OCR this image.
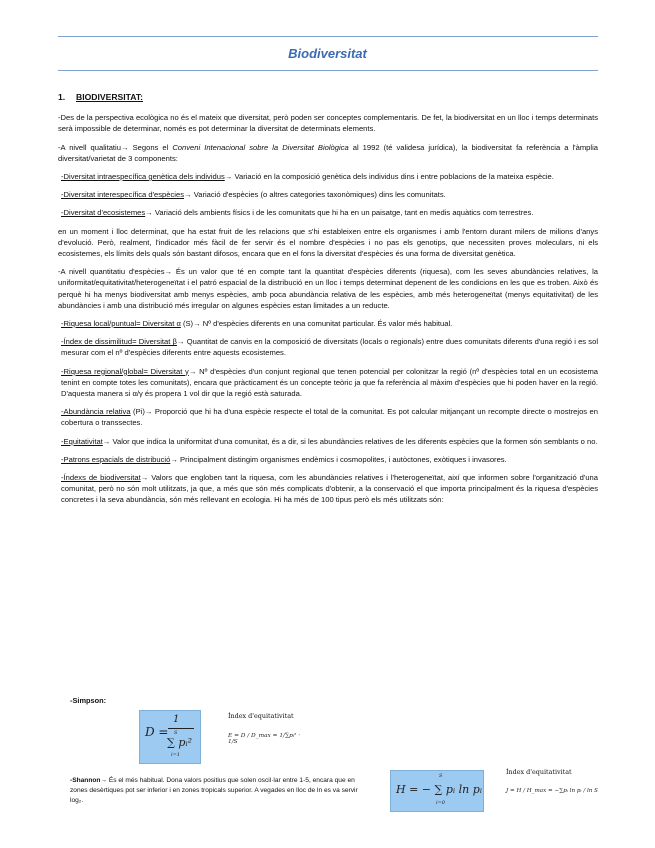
Biodiversitat
1. BIODIVERSITAT:

-Des de la perspectiva ecològica no és el mateix que diversitat, però poden ser conceptes complementaris. De fet, la biodiversitat en un lloc i temps determinats serà impossible de determinar, només es pot determinar la diversitat de determinats elements.

-A nivell qualitatiu→ Segons el Conveni Intenacional sobre la Diversitat Biològica al 1992 (té validesa jurídica), la biodiversitat fa referència a l'àmplia diversitat/varietat de 3 components:

-Diversitat intraespecífica genètica dels individus→ Variació en la composició genètica dels individus dins i entre poblacions de la mateixa espècie.

-Diversitat interespecífica d'espècies→ Variació d'espècies (o altres categories taxonòmiques) dins les comunitats.

-Diversitat d'ecosistemes→ Variació dels ambients físics i de les comunitats que hi ha en un paisatge, tant en medis aquàtics com terrestres.

en un moment i lloc determinat, que ha estat fruit de les relacions que s'hi estableixen entre els organismes i amb l'entorn durant milers de milions d'anys d'evolució. Però, realment, l'indicador més fàcil de fer servir és el nombre d'espècies i no pas els genotips, que necessiten proves moleculars, ni els ecosistemes, els límits dels quals són bastant difosos, encara que en el fons la diversitat d'espècies és una forma de diversitat genètica.

-A nivell quantitatiu d'espècies→ És un valor que té en compte tant la quantitat d'espècies diferents (riquesa), com les seves abundàncies relatives, la uniformitat/equitativitat/heterogeneïtat i el patró espacial de la distribució en un lloc i temps determinat depenent de les condicions en les que es troben. Això és perquè hi ha menys biodiversitat amb menys espècies, amb poca abundància relativa de les espècies, amb més heterogeneïtat (menys equitativitat) de les abundàncies i amb una distribució més irregular on algunes espècies estan limitades a un reducte.

-Riquesa local/puntual= Diversitat α (S)→ Nº d'espècies diferents en una comunitat particular. És valor més habitual.

-Índex de dissimilitud= Diversitat β→ Quantitat de canvis en la composició de diversitats (locals o regionals) entre dues comunitats diferents d'una regió i es sol mesurar com el nº d'espècies diferents entre aquests ecosistemes.

-Riquesa regional/global= Diversitat γ→ Nº d'espècies d'un conjunt regional que tenen potencial per colonitzar la regió (nº d'espècies total en un ecosistema tenint en compte totes les comunitats), encara que pràcticament és un concepte teòric ja que fa referència al màxim d'espècies que hi poden haver en la regió. D'aquesta manera si α/γ és propera 1 vol dir que la regió està saturada.

-Abundància relativa (Pi)→ Proporció que hi ha d'una espècie respecte el total de la comunitat. Es pot calcular mitjançant un recompte directe o mostrejos en cobertura o transsectes.

-Equitativitat→ Valor que indica la uniformitat d'una comunitat, és a dir, si les abundàncies relatives de les diferents espècies que la formen són semblants o no.

-Patrons espacials de distribució→ Principalment distingim organismes endèmics i cosmopolites, i autòctones, exòtiques i invasores.

-Índexs de biodiversitat→ Valors que engloben tant la riquesa, com les abundàncies relatives i l'heterogeneïtat, així que informen sobre l'organització d'una comunitat, però no són molt utilitzats, ja que, a més que són més complicats d'obtenir, a la conservació el que importa principalment és la riquesa d'espècies concretes i la seva abundància, són més rellevant en ecologia. Hi ha més de 100 tipus però els més utilitzats són:

-Simpson:
D =
1
S
∑ pᵢ²
i=1
Índex d'equitativitat
E = D / D_max = 1/∑pᵢ² · 1/S
-Shannon→ És el més habitual. Dona valors positius que solen oscil·lar entre 1-5, encara que en zones desèrtiques pot ser inferior i en zones tropicals superior. A vegades en lloc de ln es va servir log₂.
S
H = − ∑ pᵢ ln pᵢ
i=0
Índex d'equitativitat
J = H / H_max = −∑pᵢ ln pᵢ / ln S
